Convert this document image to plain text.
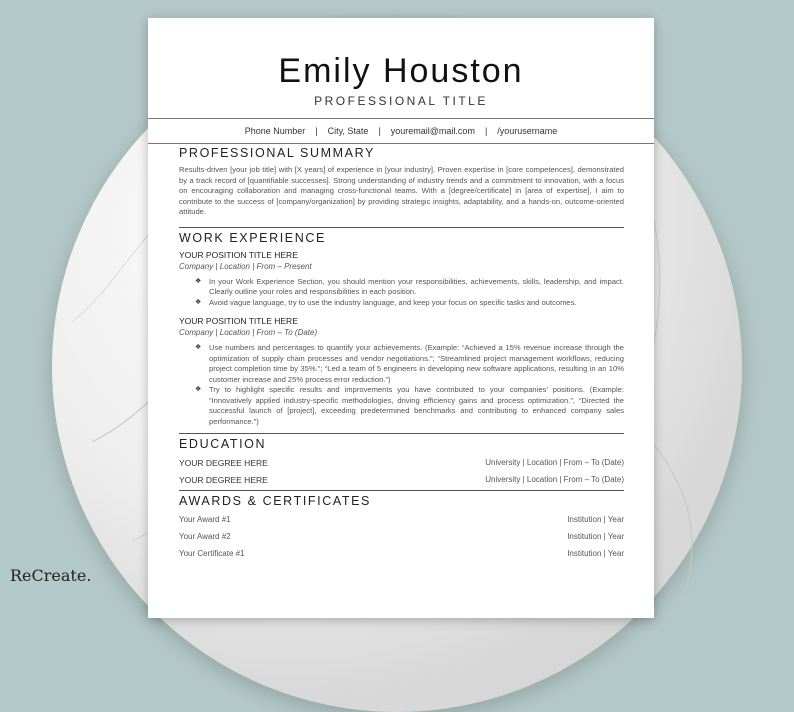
ReCreate.
Emily Houston
PROFESSIONAL TITLE
Phone Number | City, State | youremail@mail.com | /yourusername
PROFESSIONAL SUMMARY
Results-driven [your job title] with [X years] of experience in [your industry]. Proven expertise in [core competences], demonstrated by a track record of [quantifiable successes]. Strong understanding of industry trends and a commitment to innovation, with a focus on encouraging collaboration and managing cross-functional teams. With a [degree/certificate] in [area of expertise], I aim to contribute to the success of [company/organization] by providing strategic insights, adaptability, and a hands-on, outcome-oriented attitude.
WORK EXPERIENCE
YOUR POSITION TITLE HERE
Company | Location | From – Present
❖ In your Work Experience Section, you should mention your responsibilities, achievements, skills, leadership, and impact. Clearly outline your roles and responsibilities in each position.
❖ Avoid vague language, try to use the industry language, and keep your focus on specific tasks and outcomes.
YOUR POSITION TITLE HERE
Company | Location | From – To (Date)
❖ Use numbers and percentages to quantify your achievements. (Example: “Achieved a 15% revenue increase through the optimization of supply chain processes and vendor negotiations.”; “Streamlined project management workflows, reducing project completion time by 35%.”; “Led a team of 5 engineers in developing new software applications, resulting in an 10% customer increase and 25% process error reduction.”)
❖ Try to highlight specific results and improvements you have contributed to your companies’ positions. (Example: “Innovatively applied industry-specific methodologies, driving efficiency gains and process optimization.”, “Directed the successful launch of [project], exceeding predetermined benchmarks and contributing to enhanced company sales performance.”)
EDUCATION
YOUR DEGREE HERE	University | Location | From – To (Date)
YOUR DEGREE HERE	University | Location | From – To (Date)
AWARDS & CERTIFICATES
Your Award #1	Institution | Year
Your Award #2	Institution | Year
Your Certificate #1	Institution | Year
